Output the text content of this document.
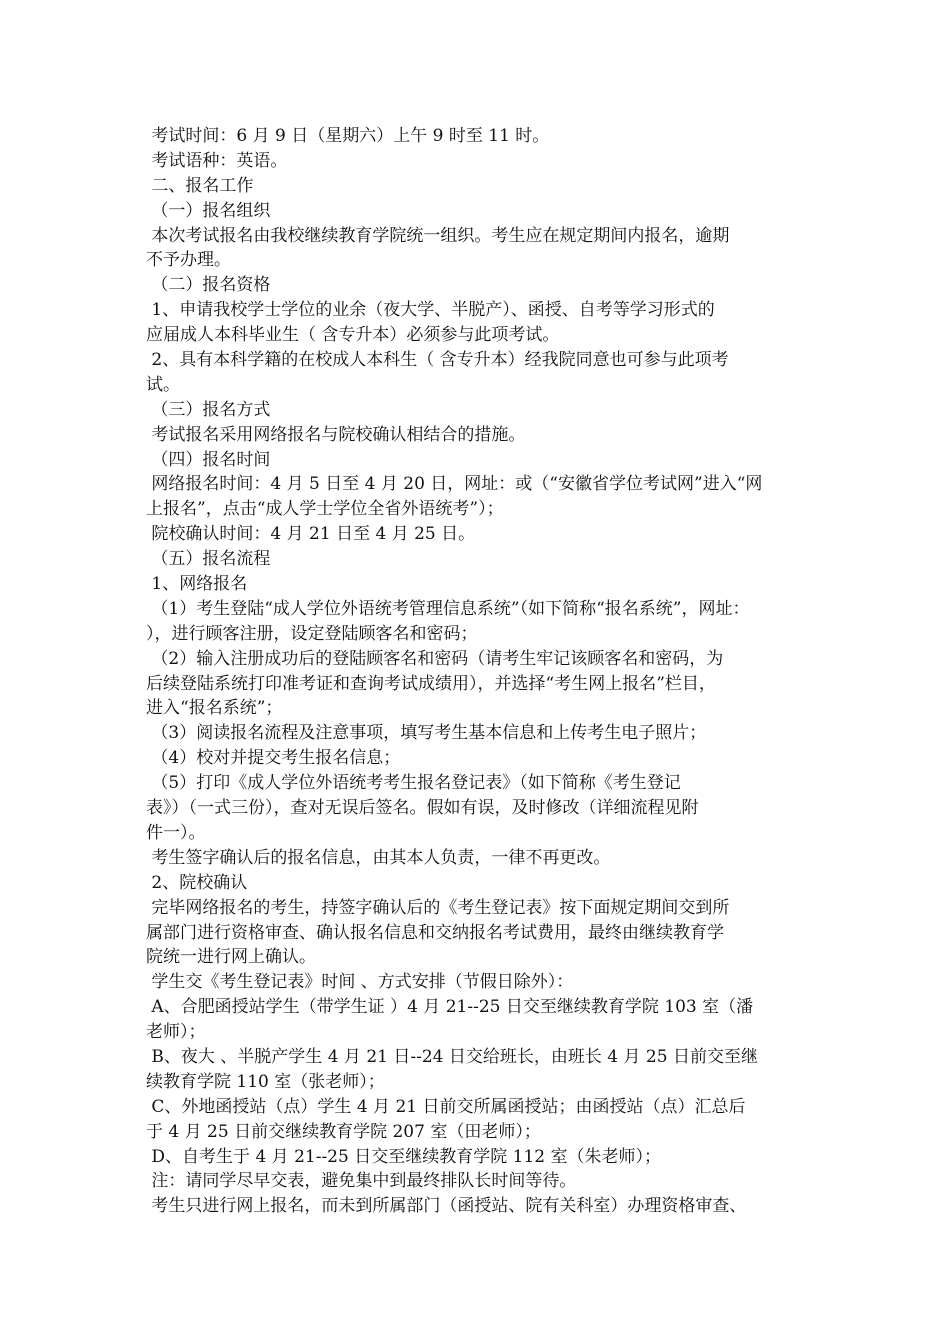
考试时间：6 月 9 日（星期六）上午 9 时至 11 时。

考试语种：英语。

二、报名工作

（一）报名组织

本次考试报名由我校继续教育学院统一组织。考生应在规定期间内报名，逾期

不予办理。

（二）报名资格

1、申请我校学士学位的业余（夜大学、半脱产）、函授、自考等学习形式的

应届成人本科毕业生（ 含专升本）必须参与此项考试。

2、具有本科学籍的在校成人本科生（ 含专升本）经我院同意也可参与此项考

试。

（三）报名方式

考试报名采用网络报名与院校确认相结合的措施。

（四）报名时间

网络报名时间：4 月 5 日至 4 月 20 日，网址：或（“安徽省学位考试网”进入“网

上报名”，点击“成人学士学位全省外语统考”）；

院校确认时间：4 月 21 日至 4 月 25 日。

（五）报名流程

1、网络报名

（1）考生登陆“成人学位外语统考管理信息系统”（如下简称“报名系统”，网址：

），进行顾客注册，设定登陆顾客名和密码；

（2）输入注册成功后的登陆顾客名和密码（请考生牢记该顾客名和密码，为

后续登陆系统打印准考证和查询考试成绩用），并选择“考生网上报名”栏目，

进入“报名系统”；

（3）阅读报名流程及注意事项，填写考生基本信息和上传考生电子照片；

（4）校对并提交考生报名信息；

（5）打印《成人学位外语统考考生报名登记表》（如下简称《考生登记

表》）（一式三份），查对无误后签名。假如有误，及时修改（详细流程见附

件一）。

考生签字确认后的报名信息，由其本人负责，一律不再更改。

2、院校确认

完毕网络报名的考生，持签字确认后的《考生登记表》按下面规定期间交到所

属部门进行资格审查、确认报名信息和交纳报名考试费用，最终由继续教育学

院统一进行网上确认。

学生交《考生登记表》时间 、方式安排（节假日除外）：

A、合肥函授站学生（带学生证 ）4 月 21--25 日交至继续教育学院 103 室（潘

老师）；

B、夜大 、半脱产学生 4 月 21 日--24 日交给班长，由班长 4 月 25 日前交至继

续教育学院 110 室（张老师）；

C、外地函授站（点）学生 4 月 21 日前交所属函授站；由函授站（点）汇总后

于 4 月 25 日前交继续教育学院 207 室（田老师）；

D、自考生于 4 月 21--25 日交至继续教育学院 112 室（朱老师）；

注：请同学尽早交表，避免集中到最终排队长时间等待。

考生只进行网上报名，而未到所属部门（函授站、院有关科室）办理资格审查、
